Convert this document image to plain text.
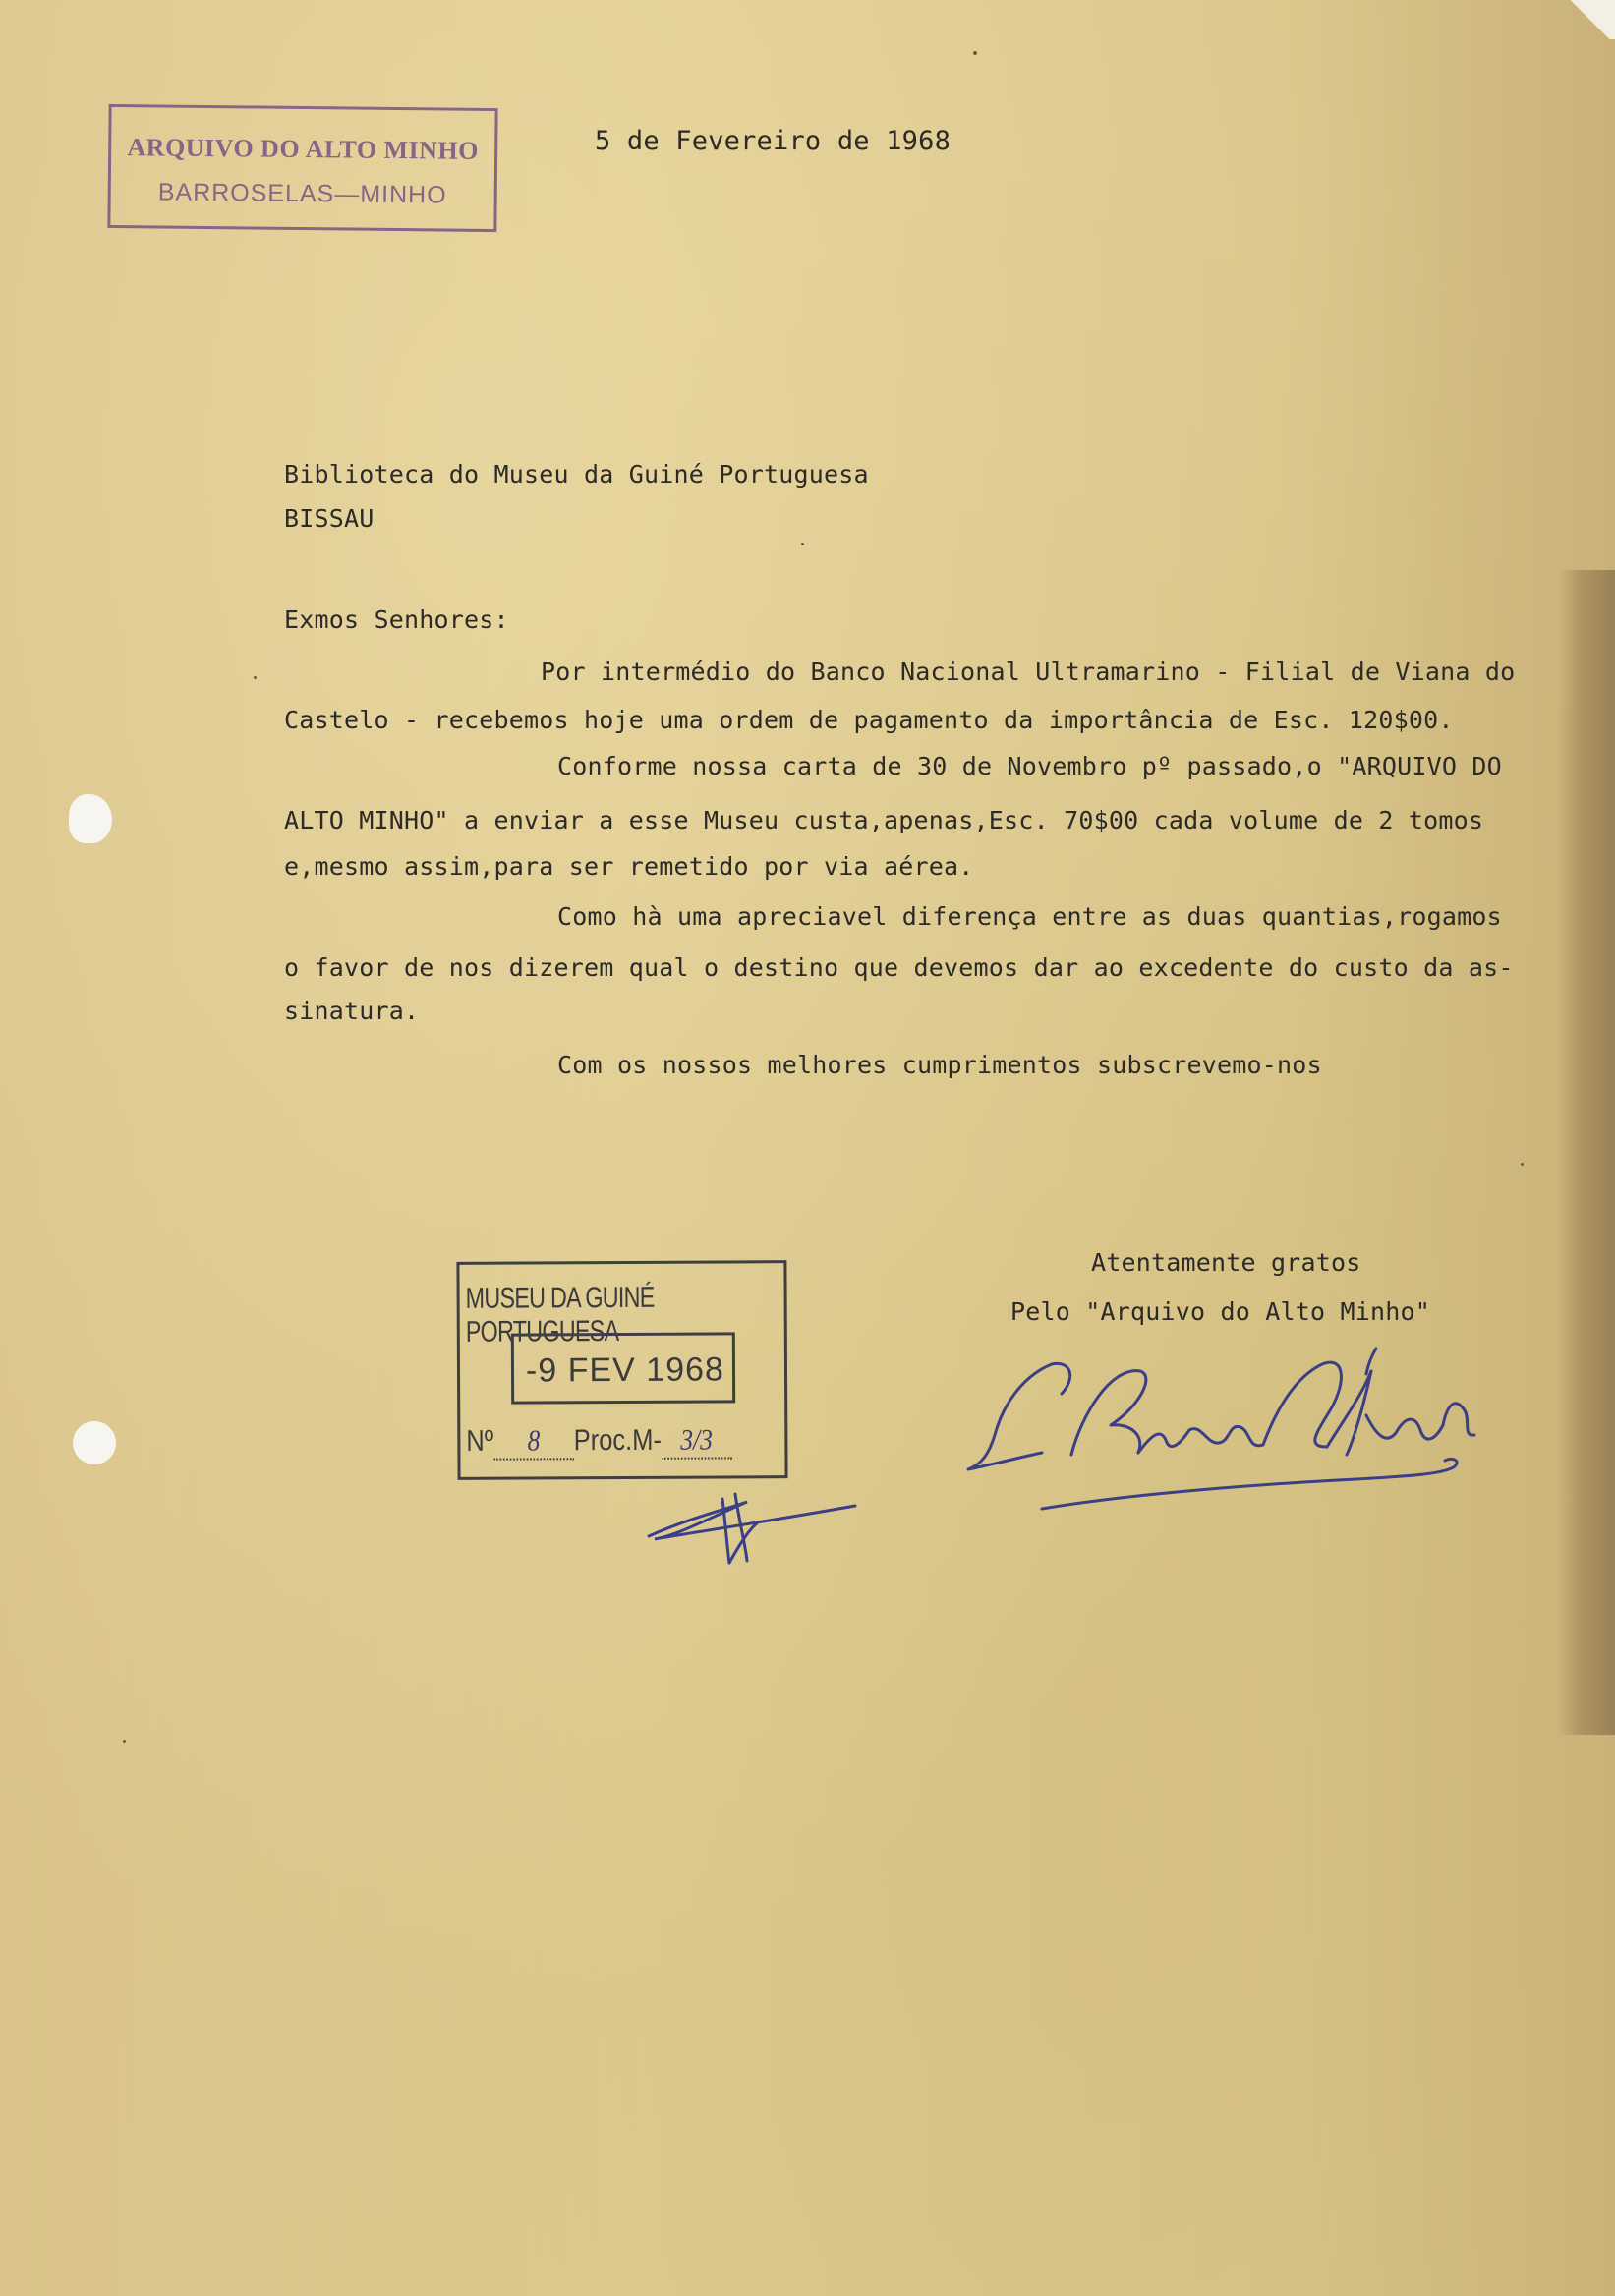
ARQUIVO DO ALTO MINHO
BARROSELAS—MINHO
5 de Fevereiro de 1968
Biblioteca do Museu da Guiné Portuguesa
BISSAU
Exmos Senhores:
Por intermédio do Banco Nacional Ultramarino - Filial de Viana do
Castelo - recebemos hoje uma ordem de pagamento da importância de Esc. 120$00.
Conforme nossa carta de 30 de Novembro pº passado,o "ARQUIVO DO
ALTO MINHO" a enviar a esse Museu custa,apenas,Esc. 70$00 cada volume de 2 tomos
e,mesmo assim,para ser remetido por via aérea.
Como hà uma apreciavel diferença entre as duas quantias,rogamos
o favor de nos dizerem qual o destino que devemos dar ao excedente do custo da as-
sinatura.
Com os nossos melhores cumprimentos subscrevemo-nos
Atentamente gratos
Pelo "Arquivo do Alto Minho"
MUSEU DA GUINÉ PORTUGUESA
-9 FEV 1968
Nº 8 Proc.M- 3/3
